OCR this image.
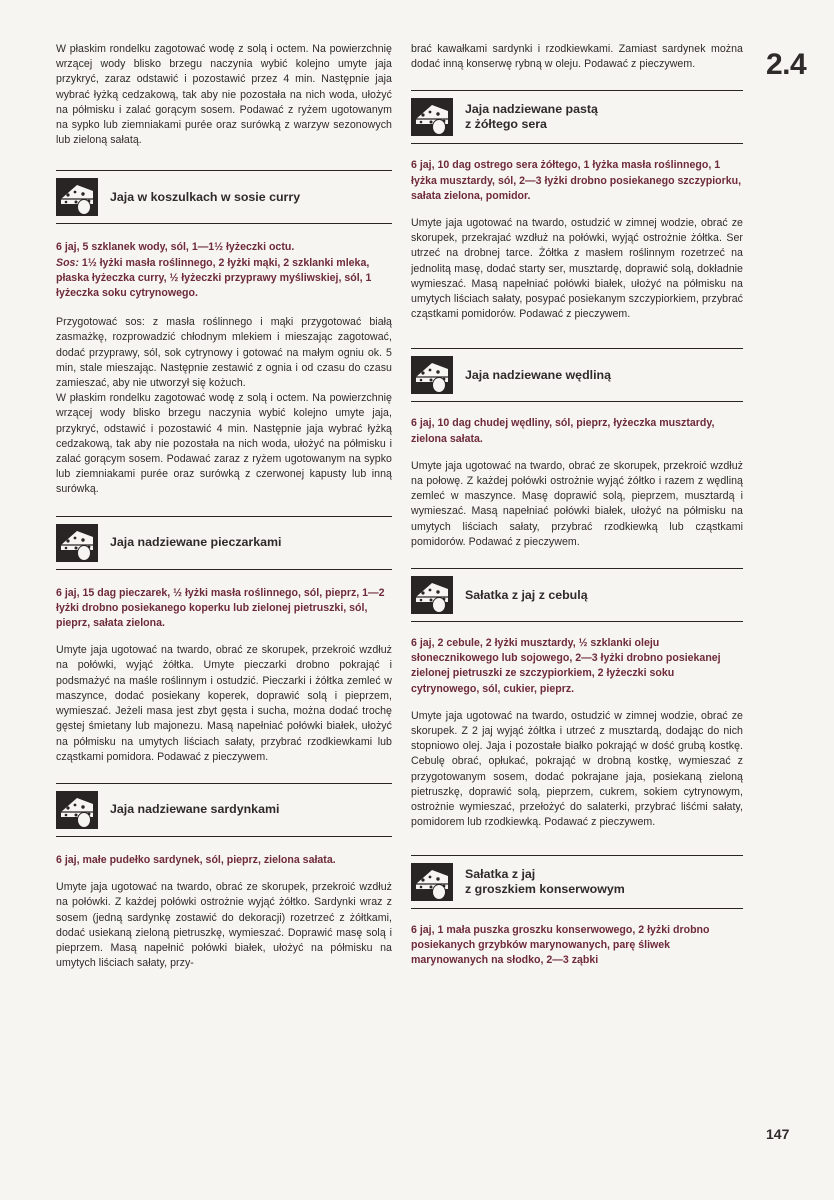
2.4
147

W płaskim rondelku zagotować wodę z solą i octem. Na powierzchnię wrzącej wody blisko brzegu naczynia wybić kolejno umyte jaja przykryć, zaraz odstawić i pozostawić przez 4 min. Następnie jaja wybrać łyżką cedzakową, tak aby nie pozostała na nich woda, ułożyć na półmisku i zalać gorącym sosem. Podawać z ryżem ugotowanym na sypko lub ziemniakami purée oraz surówką z warzyw sezonowych lub zieloną sałatą.

Jaja w koszulkach w sosie curry

6 jaj, 5 szklanek wody, sól, 1—1½ łyżeczki octu.
Sos: 1½ łyżki masła roślinnego, 2 łyżki mąki, 2 szklanki mleka, płaska łyżeczka curry, ½ łyżeczki przyprawy myśliwskiej, sól, 1 łyżeczka soku cytrynowego.

Przygotować sos: z masła roślinnego i mąki przygotować białą zasmażkę, rozprowadzić chłodnym mlekiem i mieszając zagotować, dodać przyprawy, sól, sok cytrynowy i gotować na małym ogniu ok. 5 min, stale mieszając. Następnie zestawić z ognia i od czasu do czasu zamieszać, aby nie utworzył się kożuch.

W płaskim rondelku zagotować wodę z solą i octem. Na powierzchnię wrzącej wody blisko brzegu naczynia wybić kolejno umyte jaja, przykryć, odstawić i pozostawić 4 min. Następnie jaja wybrać łyżką cedzakową, tak aby nie pozostała na nich woda, ułożyć na półmisku i zalać gorącym sosem. Podawać zaraz z ryżem ugotowanym na sypko lub ziemniakami purée oraz surówką z czerwonej kapusty lub inną surówką.

Jaja nadziewane pieczarkami

6 jaj, 15 dag pieczarek, ½ łyżki masła roślinnego, sól, pieprz, 1—2 łyżki drobno posiekanego koperku lub zielonej pietruszki, sól, pieprz, sałata zielona.

Umyte jaja ugotować na twardo, obrać ze skorupek, przekroić wzdłuż na połówki, wyjąć żółtka. Umyte pieczarki drobno pokrająć i podsmażyć na maśle roślinnym i ostudzić. Pieczarki i żółtka zemleć w maszynce, dodać posiekany koperek, doprawić solą i pieprzem, wymieszać. Jeżeli masa jest zbyt gęsta i sucha, można dodać trochę gęstej śmietany lub majonezu. Masą napełniać połówki białek, ułożyć na półmisku na umytych liściach sałaty, przybrać rzodkiewkami lub cząstkami pomidora. Podawać z pieczywem.

Jaja nadziewane sardynkami

6 jaj, małe pudełko sardynek, sól, pieprz, zielona sałata.

Umyte jaja ugotować na twardo, obrać ze skorupek, przekroić wzdłuż na połówki. Z każdej połówki ostrożnie wyjąć żółtko. Sardynki wraz z sosem (jedną sardynkę zostawić do dekoracji) rozetrzeć z żółtkami, dodać usiekaną zieloną pietruszkę, wymieszać. Doprawić masę solą i pieprzem. Masą napełnić połówki białek, ułożyć na półmisku na umytych liściach sałaty, przy-

brać kawałkami sardynki i rzodkiewkami. Zamiast sardynek można dodać inną konserwę rybną w oleju. Podawać z pieczywem.

Jaja nadziewane pastą
z żółtego sera

6 jaj, 10 dag ostrego sera żółtego, 1 łyżka masła roślinnego, 1 łyżka musztardy, sól, 2—3 łyżki drobno posiekanego szczypiorku, sałata zielona, pomidor.

Umyte jaja ugotować na twardo, ostudzić w zimnej wodzie, obrać ze skorupek, przekrajać wzdłuż na połówki, wyjąć ostrożnie żółtka. Ser utrzeć na drobnej tarce. Żółtka z masłem roślinnym rozetrzeć na jednolitą masę, dodać starty ser, musztardę, doprawić solą, dokładnie wymieszać. Masą napełniać połówki białek, ułożyć na półmisku na umytych liściach sałaty, posypać posiekanym szczypiorkiem, przybrać cząstkami pomidorów. Podawać z pieczywem.

Jaja nadziewane wędliną

6 jaj, 10 dag chudej wędliny, sól, pieprz, łyżeczka musztardy, zielona sałata.

Umyte jaja ugotować na twardo, obrać ze skorupek, przekroić wzdłuż na połowę. Z każdej połówki ostrożnie wyjąć żółtko i razem z wędliną zemleć w maszynce. Masę doprawić solą, pieprzem, musztardą i wymieszać. Masą napełniać połówki białek, ułożyć na półmisku na umytych liściach sałaty, przybrać rzodkiewką lub cząstkami pomidorów. Podawać z pieczywem.

Sałatka z jaj z cebulą

6 jaj, 2 cebule, 2 łyżki musztardy, ½ szklanki oleju słonecznikowego lub sojowego, 2—3 łyżki drobno posiekanej zielonej pietruszki ze szczypiorkiem, 2 łyżeczki soku cytrynowego, sól, cukier, pieprz.

Umyte jaja ugotować na twardo, ostudzić w zimnej wodzie, obrać ze skorupek. Z 2 jaj wyjąć żółtka i utrzeć z musztardą, dodając do nich stopniowo olej. Jaja i pozostałe białko pokrająć w dość grubą kostkę. Cebulę obrać, opłukać, pokrająć w drobną kostkę, wymieszać z przygotowanym sosem, dodać pokrajane jaja, posiekaną zieloną pietruszkę, doprawić solą, pieprzem, cukrem, sokiem cytrynowym, ostrożnie wymieszać, przełożyć do salaterki, przybrać liśćmi sałaty, pomidorem lub rzodkiewką. Podawać z pieczywem.

Sałatka z jaj
z groszkiem konserwowym

6 jaj, 1 mała puszka groszku konserwowego, 2 łyżki drobno posiekanych grzybków marynowanych, parę śliwek marynowanych na słodko, 2—3 ząbki
